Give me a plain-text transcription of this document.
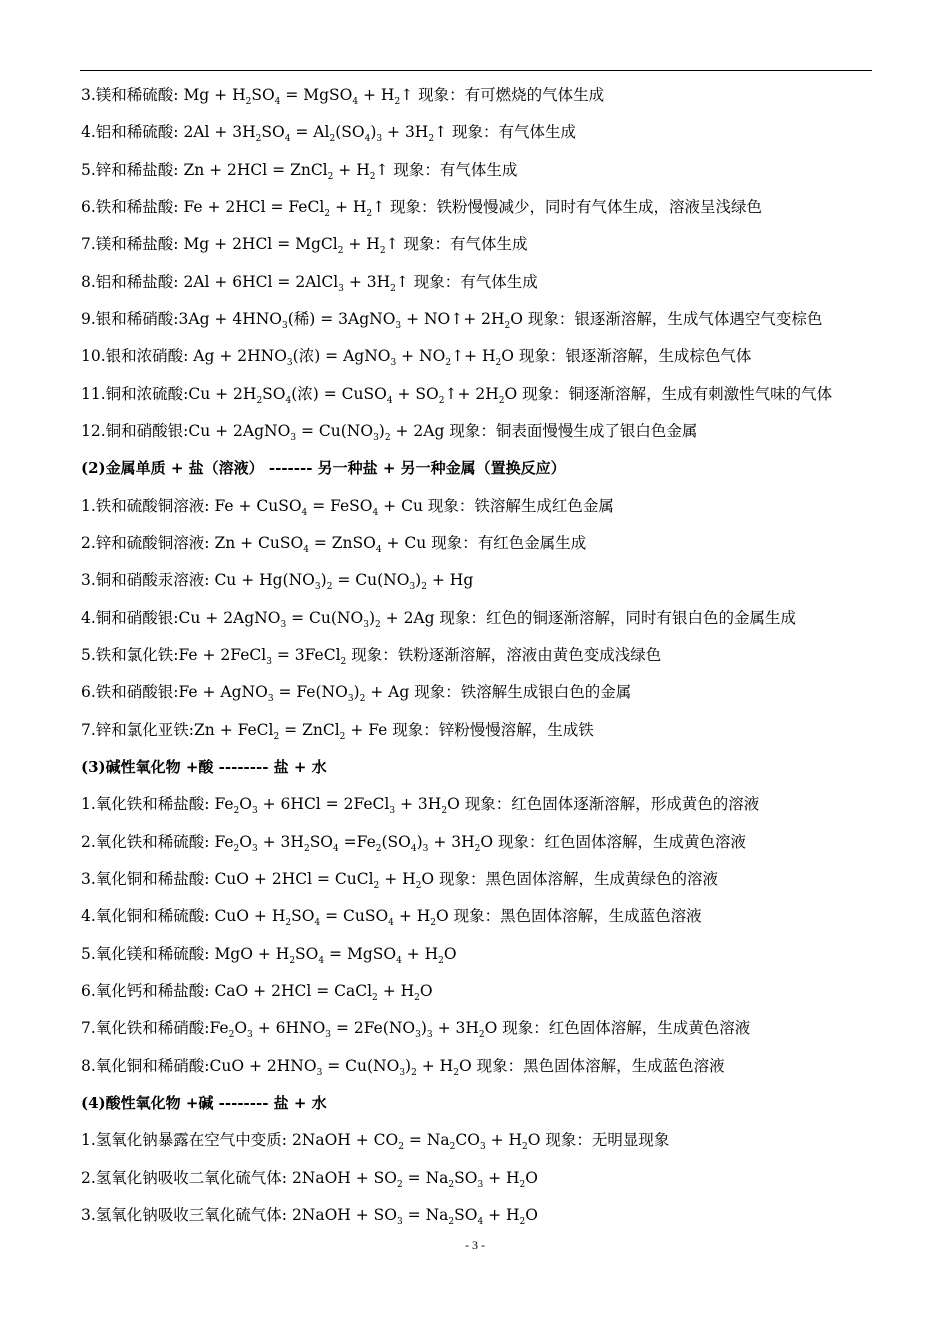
3.镁和稀硫酸: $Mg + H_2SO_4$ = MgSO$_4$ + $H_2↑$ 现象：有可燃烧的气体生成
4.铝和稀硫酸: $2Al + 3H_2SO_4 = Al_2(SO_4)_3$ + $3H_2↑$ 现象：有气体生成
5.锌和稀盐酸: Zn + 2HCl = ZnCl$_2$ + $H_2↑$ 现象：有气体生成
6.铁和稀盐酸: Fe + 2HCl = FeCl$_2$ + $H_2↑$ 现象：铁粉慢慢减少，同时有气体生成，溶液呈浅绿色
7.镁和稀盐酸: Mg + 2HCl = MgCl$_2$ + $H_2↑$ 现象：有气体生成
8.铝和稀盐酸: 2Al + 6HCl = 2AlCl$_3$ + $3H_2↑$ 现象：有气体生成
9.银和稀硝酸:3Ag + $4HNO_3$(稀) = 3AgNO$_3$ + NO↑+ $2H_2O$ 现象：银逐渐溶解，生成气体遇空气变棕色
10.银和浓硝酸: $Ag + 2HNO_3$(浓) = AgNO$_3$ + $NO_2↑+ H_2O$ 现象：银逐渐溶解，生成棕色气体
11.铜和浓硫酸:Cu + $2H_2SO_4$(浓) = CuSO$_4$ + $SO_2↑+ 2H_2O$ 现象：铜逐渐溶解，生成有刺激性气味的气体
12.铜和硝酸银:Cu + 2AgNO$_3$ = $Cu(NO_3)_2 + 2Ag$ 现象：铜表面慢慢生成了银白色金属
(2)金属单质 + 盐（溶液） ------- 另一种盐 + 另一种金属（置换反应）
1.铁和硫酸铜溶液: Fe + CuSO$_4$ = FeSO$_4$ + Cu 现象：铁溶解生成红色金属
2.锌和硫酸铜溶液: Zn + CuSO$_4$ = ZnSO$_4$ + Cu 现象：有红色金属生成
3.铜和硝酸汞溶液: $Cu + Hg(NO_3)_2 = Cu(NO_3)_2 + Hg$
4.铜和硝酸银:Cu + 2AgNO$_3$ = $Cu(NO_3)_2 + 2Ag$ 现象：红色的铜逐渐溶解，同时有银白色的金属生成
5.铁和氯化铁:Fe + 2FeCl$_3$ = 3FeCl$_2$ 现象：铁粉逐渐溶解，溶液由黄色变成浅绿色
6.铁和硝酸银:Fe + AgNO$_3$ = $Fe(NO_3)_2 + Ag$ 现象：铁溶解生成银白色的金属
7.锌和氯化亚铁:Zn + FeCl$_2$ = ZnCl$_2$ + Fe 现象：锌粉慢慢溶解，生成铁
(3)碱性氧化物 +酸 -------- 盐 + 水
1.氧化铁和稀盐酸: $Fe_2O_3 + 6HCl$ = 2FeCl$_3$ + $3H_2O$ 现象：红色固体逐渐溶解，形成黄色的溶液
2.氧化铁和稀硫酸: $Fe_2O_3 + 3H_2SO_4 =Fe_2(SO_4)_3 + 3H_2O$ 现象：红色固体溶解，生成黄色溶液
3.氧化铜和稀盐酸: CuO + 2HCl = CuCl$_2$ + $H_2O$ 现象：黑色固体溶解，生成黄绿色的溶液
4.氧化铜和稀硫酸: CuO + $H_2SO_4$ = CuSO$_4$ + $H_2O$ 现象：黑色固体溶解，生成蓝色溶液
5.氧化镁和稀硫酸: MgO + $H_2SO_4$ = MgSO$_4$ + $H_2O$
6.氧化钙和稀盐酸: CaO + 2HCl = CaCl$_2$ + $H_2O$
7.氧化铁和稀硝酸$:Fe_2O_3 + 6HNO_3 = 2Fe(NO_3)_3 + 3H_2O$ 现象：红色固体溶解，生成黄色溶液
8.氧化铜和稀硝酸:CuO + $2HNO_3 = Cu(NO_3)_2 + H_2O$ 现象：黑色固体溶解，生成蓝色溶液
(4)酸性氧化物 +碱 -------- 盐 + 水
1.氢氧化钠暴露在空气中变质: 2NaOH + $CO_2 = Na_2CO_3 + H_2O$ 现象：无明显现象
2.氢氧化钠吸收二氧化硫气体: 2NaOH + $SO_2 = Na_2SO_3 + H_2O$
3.氢氧化钠吸收三氧化硫气体: 2NaOH + $SO_3 = Na_2SO_4 + H_2O$
- 3 -
